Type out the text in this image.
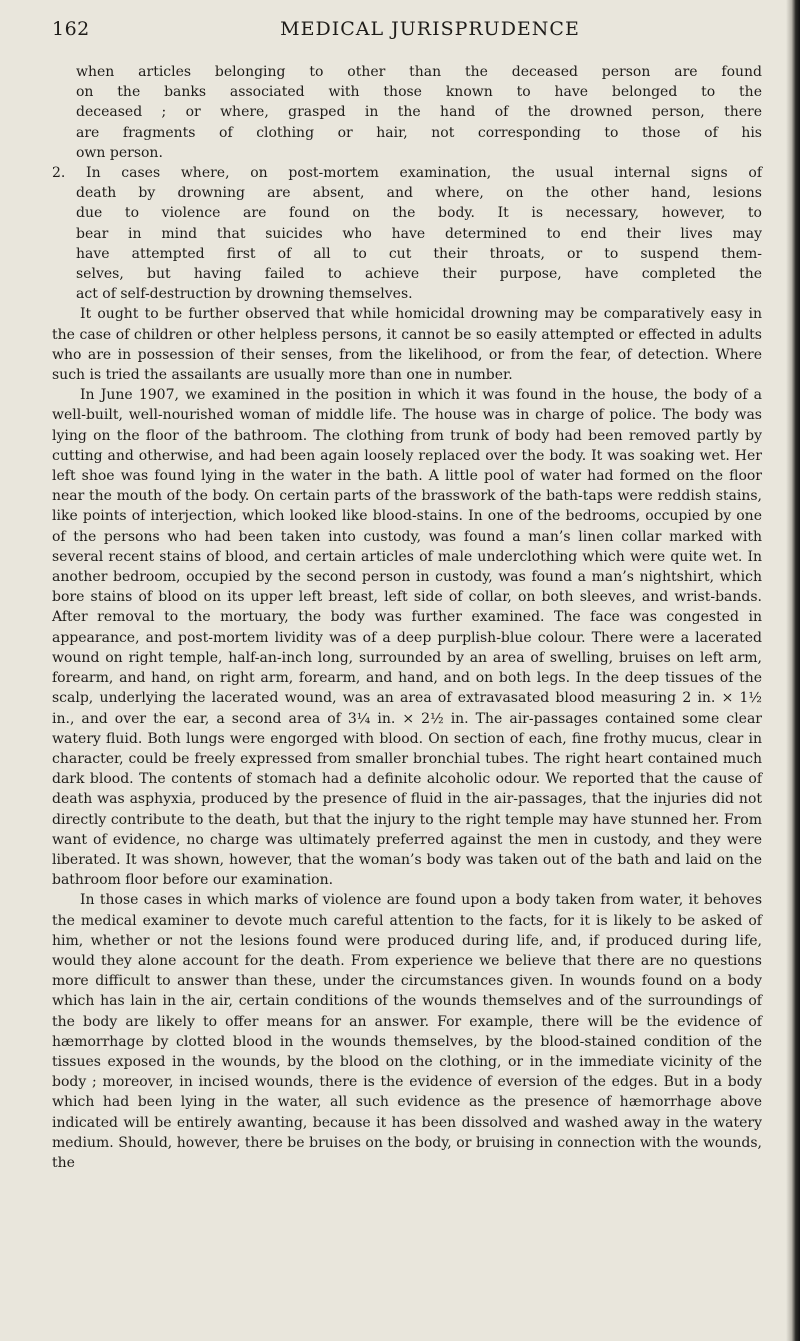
162	MEDICAL JURISPRUDENCE
when articles belonging to other than the deceased person are found
on the banks associated with those known to have belonged to the
deceased ; or where, grasped in the hand of the drowned person, there
are fragments of clothing or hair, not corresponding to those of his
own person.
2. In cases where, on post-mortem examination, the usual internal signs of
death by drowning are absent, and where, on the other hand, lesions
due to violence are found on the body. It is necessary, however, to
bear in mind that suicides who have determined to end their lives may
have attempted first of all to cut their throats, or to suspend them-
selves, but having failed to achieve their purpose, have completed the
act of self-destruction by drowning themselves.

It ought to be further observed that while homicidal drowning may be comparatively easy in the case of children or other helpless persons, it cannot be so easily attempted or effected in adults who are in possession of their senses, from the likelihood, or from the fear, of detection. Where such is tried the assailants are usually more than one in number.

In June 1907, we examined in the position in which it was found in the house, the body of a well-built, well-nourished woman of middle life. The house was in charge of police. The body was lying on the floor of the bathroom. The clothing from trunk of body had been removed partly by cutting and otherwise, and had been again loosely replaced over the body. It was soaking wet. Her left shoe was found lying in the water in the bath. A little pool of water had formed on the floor near the mouth of the body. On certain parts of the brasswork of the bath-taps were reddish stains, like points of interjection, which looked like blood-stains. In one of the bedrooms, occupied by one of the persons who had been taken into custody, was found a man’s linen collar marked with several recent stains of blood, and certain articles of male underclothing which were quite wet. In another bedroom, occupied by the second person in custody, was found a man’s nightshirt, which bore stains of blood on its upper left breast, left side of collar, on both sleeves, and wrist-bands. After removal to the mortuary, the body was further examined. The face was congested in appearance, and post-mortem lividity was of a deep purplish-blue colour. There were a lacerated wound on right temple, half-an-inch long, surrounded by an area of swelling, bruises on left arm, forearm, and hand, on right arm, forearm, and hand, and on both legs. In the deep tissues of the scalp, underlying the lacerated wound, was an area of extravasated blood measuring 2 in. × 1½ in., and over the ear, a second area of 3¼ in. × 2½ in. The air-passages contained some clear watery fluid. Both lungs were engorged with blood. On section of each, fine frothy mucus, clear in character, could be freely expressed from smaller bronchial tubes. The right heart contained much dark blood. The contents of stomach had a definite alcoholic odour. We reported that the cause of death was asphyxia, produced by the presence of fluid in the air-passages, that the injuries did not directly contribute to the death, but that the injury to the right temple may have stunned her. From want of evidence, no charge was ultimately preferred against the men in custody, and they were liberated. It was shown, however, that the woman’s body was taken out of the bath and laid on the bathroom floor before our examination.

In those cases in which marks of violence are found upon a body taken from water, it behoves the medical examiner to devote much careful attention to the facts, for it is likely to be asked of him, whether or not the lesions found were produced during life, and, if produced during life, would they alone account for the death. From experience we believe that there are no questions more difficult to answer than these, under the circumstances given. In wounds found on a body which has lain in the air, certain conditions of the wounds themselves and of the surroundings of the body are likely to offer means for an answer. For example, there will be the evidence of hæmorrhage by clotted blood in the wounds themselves, by the blood-stained condition of the tissues exposed in the wounds, by the blood on the clothing, or in the immediate vicinity of the body ; moreover, in incised wounds, there is the evidence of eversion of the edges. But in a body which had been lying in the water, all such evidence as the presence of hæmorrhage above indicated will be entirely awanting, because it has been dissolved and washed away in the watery medium. Should, however, there be bruises on the body, or bruising in connection with the wounds, the
